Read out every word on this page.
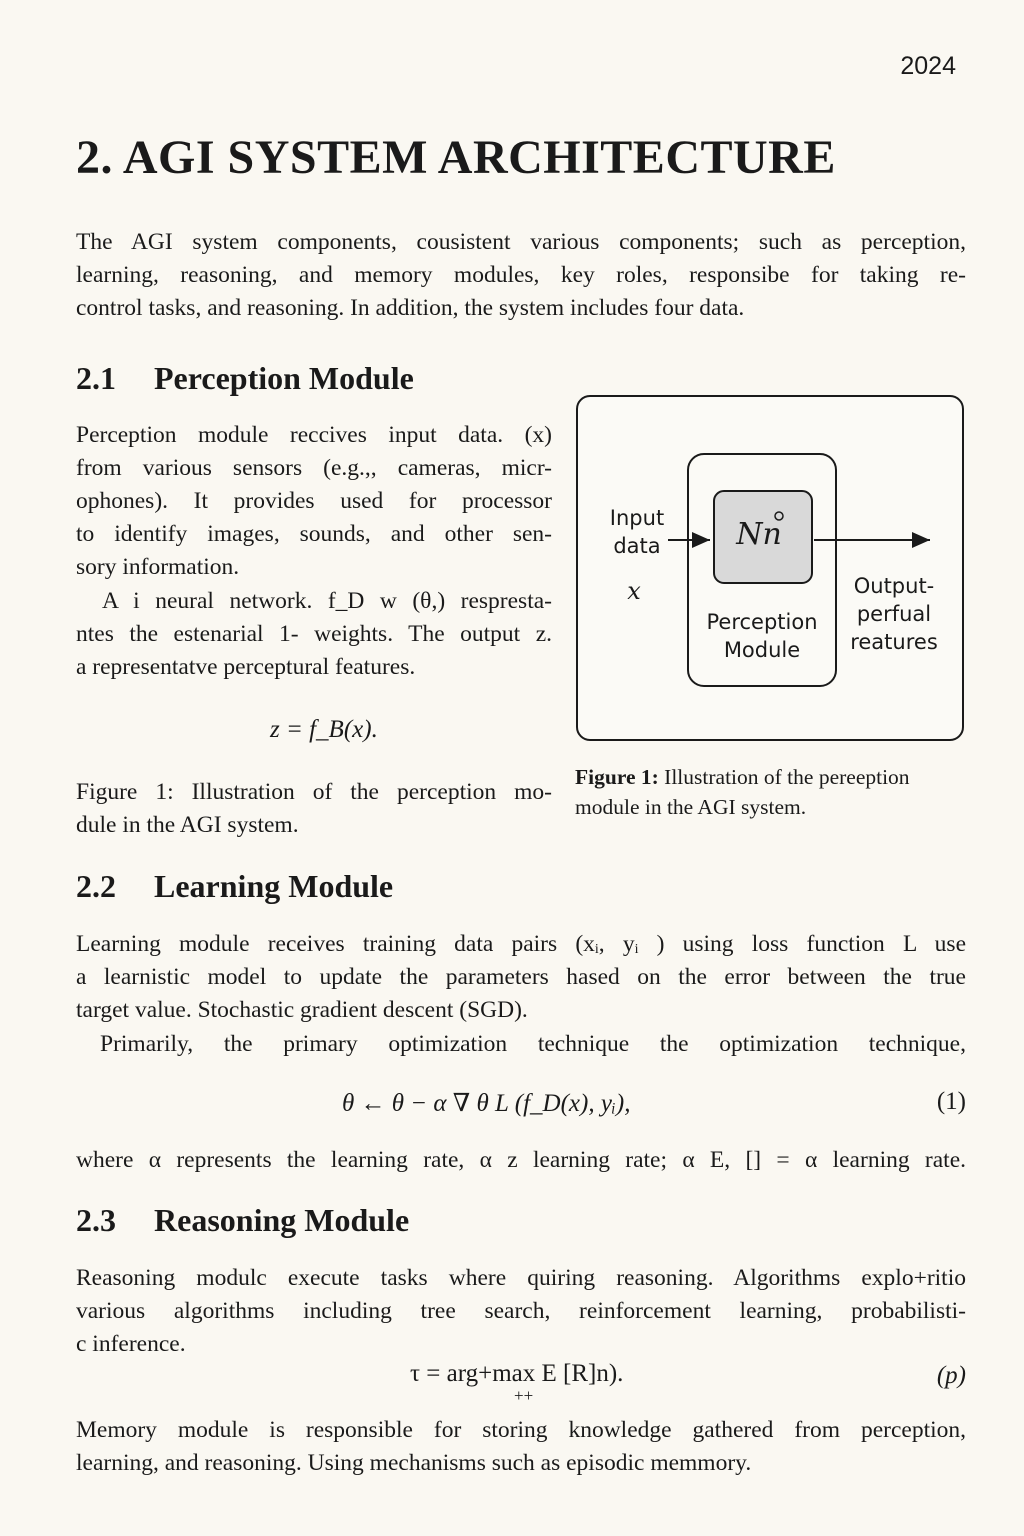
2024
2. AGI SYSTEM ARCHITECTURE

The AGI system components, cousistent various components; such as perception,
learning, reasoning, and memory modules, key roles, responsibe for taking re-
control tasks, and reasoning. In addition, the system includes four data.

2.1 Perception Module

Perception module reccives input data. (x)
from various sensors (e.g.,, cameras, micr-
ophones). It provides used for processor
to identify images, sounds, and other sen-
sory information.

A i neural network. f_D w (θ,) respresta-
ntes the estenarial 1- weights. The output z.
a representatve perceptural features.

z = f_B(x).

Figure 1: Illustration of the perception mo-
dule in the AGI system.

Input
data
x
Nn
Perception
Module
Output-
perfual
reatures

Figure 1: Illustration of the pereeption module in the AGI system.

2.2 Learning Module

Learning module receives training data pairs (xᵢ, yᵢ ) using loss function L use
a learnistic model to update the parameters hased on the error between the true
target value. Stochastic gradient descent (SGD).

Primarily, the primary optimization technique the optimization technique,

θ ← θ − α ∇ θ L (f_D(x), yᵢ),	(1)

where α represents the learning rate, α z learning rate; α E, [] = α learning rate.

2.3 Reasoning Module

Reasoning modulc execute tasks where quiring reasoning. Algorithms explo+ritio
various algorithms including tree search, reinforcement learning, probabilisti-
c inference.

τ = arg+max E [R]n).
++
(p)

Memory module is responsible for storing knowledge gathered from perception,
learning, and reasoning. Using mechanisms such as episodic memmory.
